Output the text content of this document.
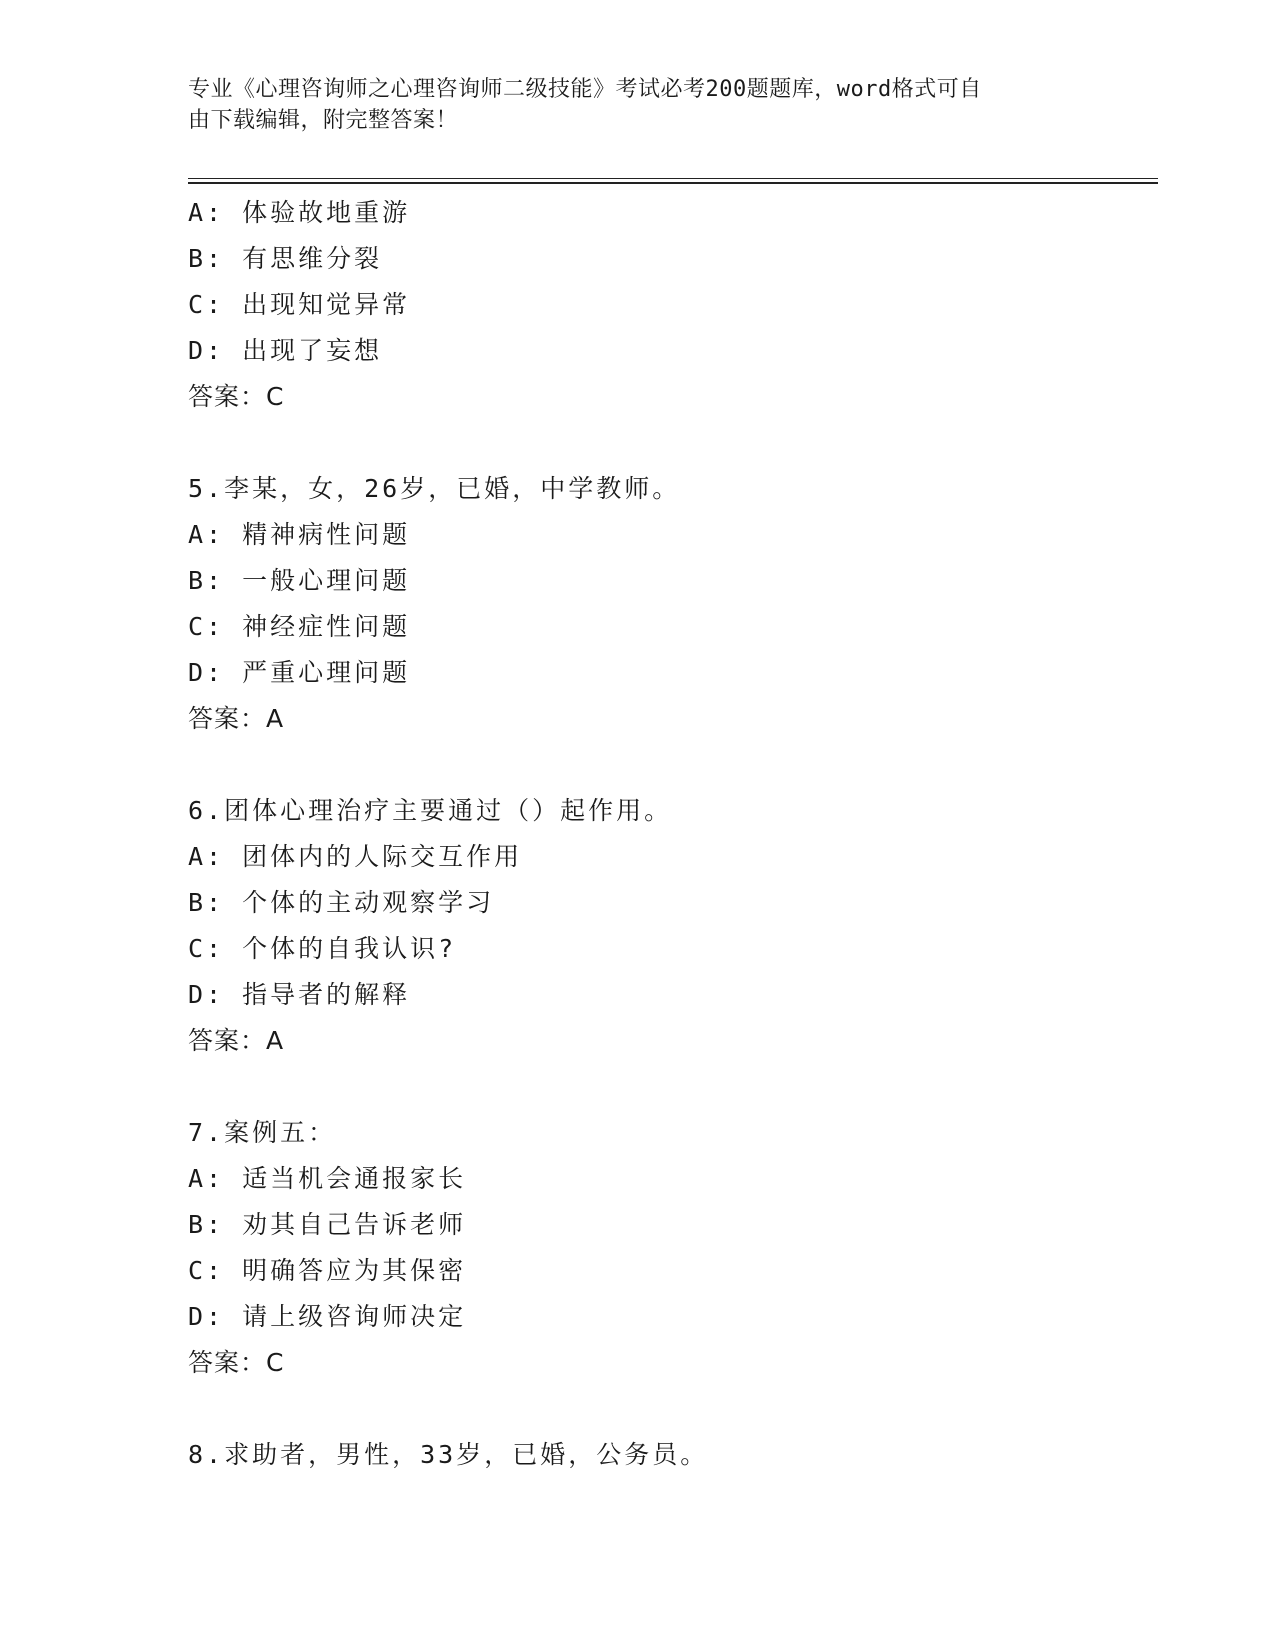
专业《心理咨询师之心理咨询师二级技能》考试必考200题题库，word格式可自
由下载编辑，附完整答案！
A: 体验故地重游
B: 有思维分裂
C: 出现知觉异常
D: 出现了妄想
答案：C
5.李某，女，26岁，已婚，中学教师。
A: 精神病性问题
B: 一般心理问题
C: 神经症性问题
D: 严重心理问题
答案：A
6.团体心理治疗主要通过（）起作用。
A: 团体内的人际交互作用
B: 个体的主动观察学习
C: 个体的自我认识?
D: 指导者的解释
答案：A
7.案例五：
A: 适当机会通报家长
B: 劝其自己告诉老师
C: 明确答应为其保密
D: 请上级咨询师决定
答案：C
8.求助者，男性，33岁，已婚，公务员。
